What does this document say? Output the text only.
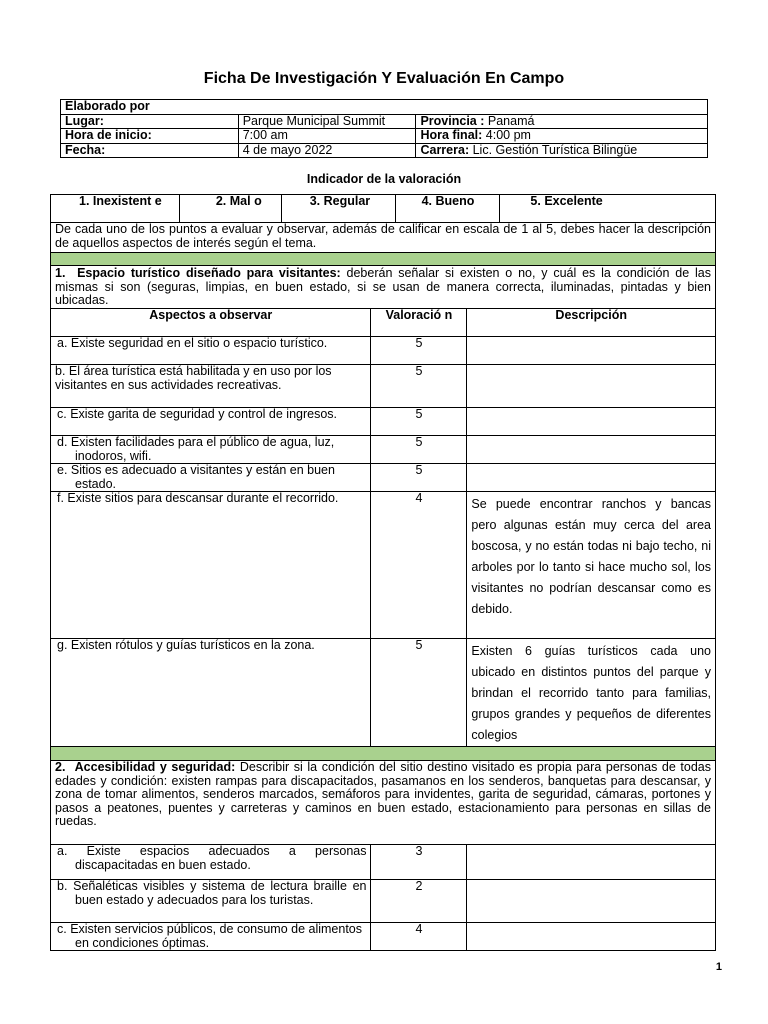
Ficha De Investigación Y Evaluación En Campo
Elaborado por		
Lugar:	Parque Municipal Summit	Provincia : Panamá
Hora de inicio:	7:00 am	Hora final: 4:00 pm
Fecha:	4 de mayo 2022	Carrera: Lic. Gestión Turística Bilingüe
Indicador de la valoración
1. Inexistent e	2. Mal o	3. Regular	4. Bueno	5. Excelente
De cada uno de los puntos a evaluar y observar, además de calificar en escala de 1 al 5, debes hacer la descripción de aquellos aspectos de interés según el tema.		

1. Espacio turístico diseñado para visitantes: deberán señalar si existen o no, y cuál es la condición de las mismas si son (seguras, limpias, en buen estado, si se usan de manera correcta, iluminadas, pintadas y bien ubicadas.		
Aspectos a observar	Valoració n	Descripción
a. Existe seguridad en el sitio o espacio turístico.	5	
b. El área turística está habilitada y en uso por los visitantes en sus actividades recreativas.	5	
c. Existe garita de seguridad y control de ingresos.	5	
d. Existen facilidades para el público de agua, luz, inodoros, wifi.	5	
e. Sitios es adecuado a visitantes y están en buen estado.	5	
f. Existe sitios para descansar durante el recorrido.	4	Se puede encontrar ranchos y bancas pero algunas están muy cerca del area boscosa, y no están todas ni bajo techo, ni arboles por lo tanto si hace mucho sol, los visitantes no podrían descansar como es debido.
g. Existen rótulos y guías turísticos en la zona.	5	Existen 6 guías turísticos cada uno ubicado en distintos puntos del parque y brindan el recorrido tanto para familias, grupos grandes y pequeños de diferentes colegios

2. Accesibilidad y seguridad: Describir si la condición del sitio destino visitado es propia para personas de todas edades y condición: existen rampas para discapacitados, pasamanos en los senderos, banquetas para descansar, y zona de tomar alimentos, senderos marcados, semáforos para invidentes, garita de seguridad, cámaras, portones y pasos a peatones, puentes y carreteras y caminos en buen estado, estacionamiento para personas en sillas de ruedas.		
a. Existe espacios adecuados a personas discapacitadas en buen estado.	3	
b. Señaléticas visibles y sistema de lectura braille en buen estado y adecuados para los turistas.	2	
c. Existen servicios públicos, de consumo de alimentos en condiciones óptimas.	4	
1
